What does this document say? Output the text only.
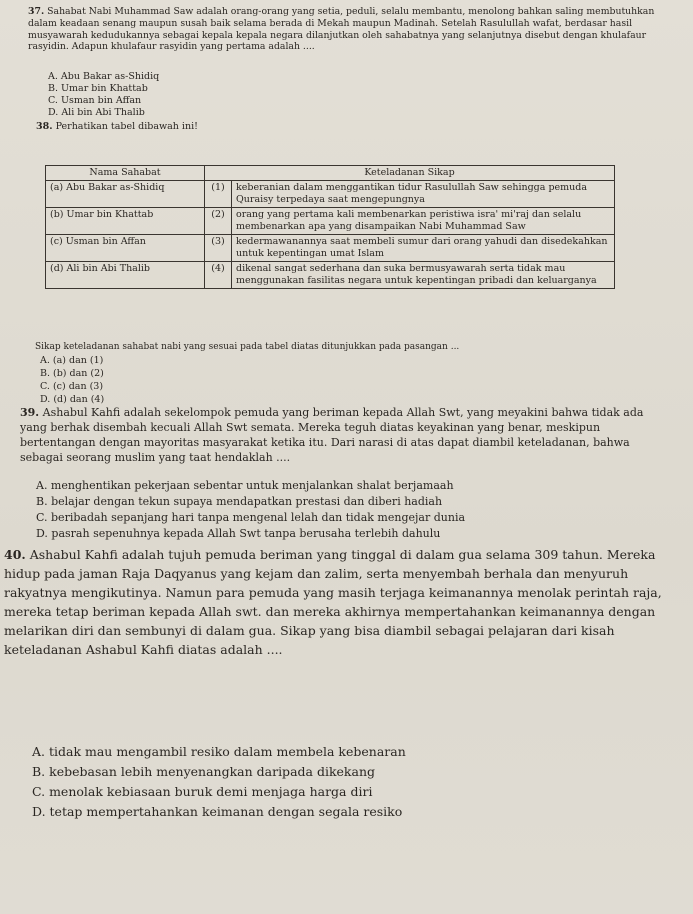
37. Sahabat Nabi Muhammad Saw adalah orang-orang yang setia, peduli, selalu membantu, menolong bahkan saling membutuhkan dalam keadaan senang maupun susah baik selama berada di Mekah maupun Madinah. Setelah Rasulullah wafat, berdasar hasil musyawarah kedudukannya sebagai kepala kepala negara dilanjutkan oleh sahabatnya yang selanjutnya disebut dengan khulafaur rasyidin. Adapun khulafaur rasyidin yang pertama adalah ....

A. Abu Bakar as-Shidiq
B. Umar bin Khattab
C. Usman bin Affan
D. Ali bin Abi Thalib
38. Perhatikan tabel dibawah ini!
Nama Sahabat	Keteladanan Sikap	
(a) Abu Bakar as-Shidiq	(1)	keberanian dalam menggantikan tidur Rasulullah Saw sehingga pemuda Quraisy terpedaya saat mengepungnya
(b) Umar bin Khattab	(2)	orang yang pertama kali membenarkan peristiwa isra' mi'raj dan selalu membenarkan apa yang disampaikan Nabi Muhammad Saw
(c) Usman bin Affan	(3)	kedermawanannya saat membeli sumur dari orang yahudi dan disedekahkan untuk kepentingan umat Islam
(d) Ali bin Abi Thalib	(4)	dikenal sangat sederhana dan suka bermusyawarah serta tidak mau menggunakan fasilitas negara untuk kepentingan pribadi dan keluarganya
Sikap keteladanan sahabat nabi yang sesuai pada tabel diatas ditunjukkan pada pasangan ...
A. (a) dan (1)
B. (b) dan (2)
C. (c) dan (3)
D. (d) dan (4)

39. Ashabul Kahfi adalah sekelompok pemuda yang beriman kepada Allah Swt, yang meyakini bahwa tidak ada yang berhak disembah kecuali Allah Swt semata. Mereka teguh diatas keyakinan yang benar, meskipun bertentangan dengan mayoritas masyarakat ketika itu. Dari narasi di atas dapat diambil keteladanan, bahwa sebagai seorang muslim yang taat hendaklah ....

A. menghentikan pekerjaan sebentar untuk menjalankan shalat berjamaah
B. belajar dengan tekun supaya mendapatkan prestasi dan diberi hadiah
C. beribadah sepanjang hari tanpa mengenal lelah dan tidak mengejar dunia
D. pasrah sepenuhnya kepada Allah Swt tanpa berusaha terlebih dahulu

40. Ashabul Kahfi adalah tujuh pemuda beriman yang tinggal di dalam gua selama 309 tahun. Mereka hidup pada jaman Raja Daqyanus yang kejam dan zalim, serta menyembah berhala dan menyuruh rakyatnya mengikutinya. Namun para pemuda yang masih terjaga keimanannya menolak perintah raja, mereka tetap beriman kepada Allah swt. dan mereka akhirnya mempertahankan keimanannya dengan melarikan diri dan sembunyi di dalam gua. Sikap yang bisa diambil sebagai pelajaran dari kisah keteladanan Ashabul Kahfi diatas adalah ....

A. tidak mau mengambil resiko dalam membela kebenaran
B. kebebasan lebih menyenangkan daripada dikekang
C. menolak kebiasaan buruk demi menjaga harga diri
D. tetap mempertahankan keimanan dengan segala resiko
